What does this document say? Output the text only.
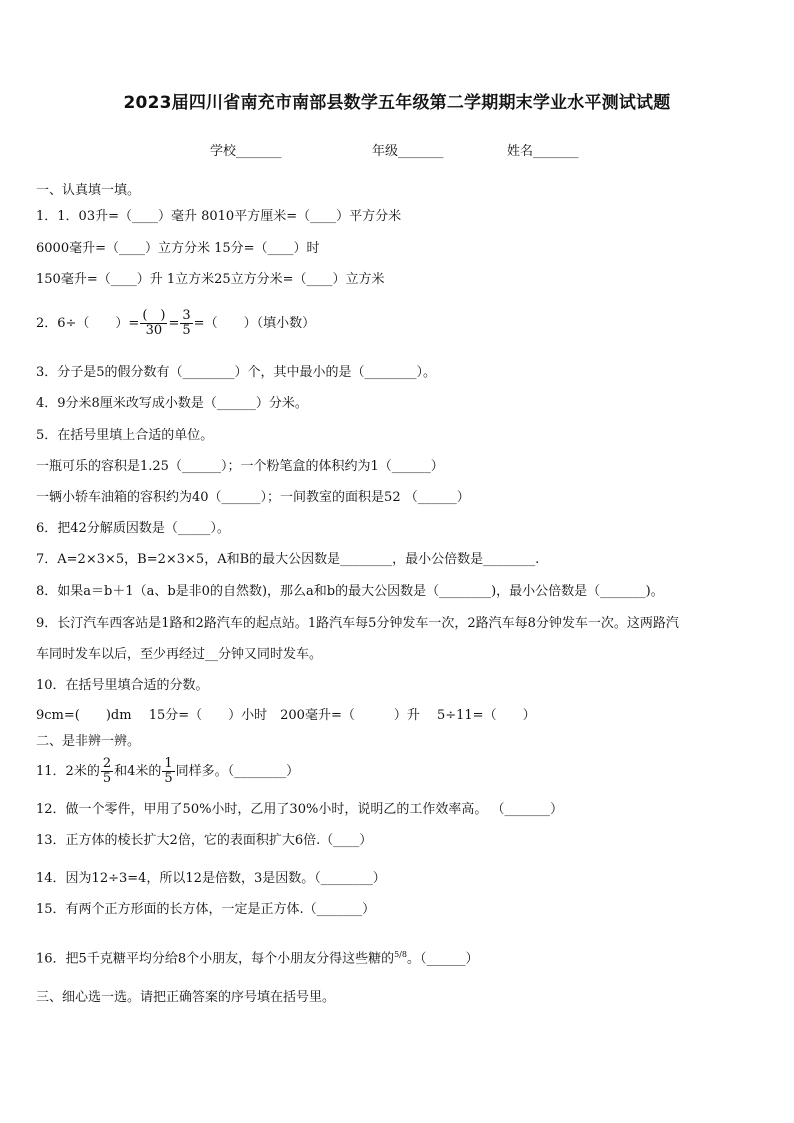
2023届四川省南充市南部县数学五年级第二学期期末学业水平测试试题
学校_______	年级_______	姓名_______
一、认真填一填。
1．1．03升=（____）毫升 8010平方厘米=（____）平方分米
6000毫升=（____）立方分米 15分=（____）时
150毫升=（____）升 1立方米25立方分米=（____）立方米
2．6÷（　　）=
(　)
$30 = \frac{3}{5}$ =（　　）（填小数）
3．分子是5的假分数有（________）个，其中最小的是（________）。
4．9分米8厘米改写成小数是（______）分米。
5．在括号里填上合适的单位。
一瓶可乐的容积是1.25（______）；一个粉笔盒的体积约为1（______）
一辆小轿车油箱的容积约为40（______）；一间教室的面积是52 （______）
6．把42分解质因数是（_____）。
7．A=2×3×5，B=2×3×5，A和B的最大公因数是________，最小公倍数是________.
8．如果a＝b＋1（a、b是非0的自然数)，那么a和b的最大公因数是（________)，最小公倍数是（_______)。
9．长汀汽车西客站是1路和2路汽车的起点站。1路汽车每5分钟发车一次，2路汽车每8分钟发车一次。这两路汽
车同时发车以后，至少再经过__分钟又同时发车。
10．在括号里填合适的分数。
9cm=(　　)dm　 15分=（　　）小时　200毫升=（　　　）升　 5÷11=（　　）
二、是非辨一辨。
11．2米的 $\frac{2}{5}$ 和4米的 $\frac{1}{5}$ 同样多。（________）
12．做一个零件，甲用了50%小时，乙用了30%小时，说明乙的工作效率高。 （_______）
13．正方体的棱长扩大2倍，它的表面积扩大6倍.（____）
14．因为12÷3=4，所以12是倍数，3是因数。（________）
15．有两个正方形面的长方体，一定是正方体.（_______）
16．把5千克糖平均分给8个小朋友，每个小朋友分得这些糖的$^{5/8}$。（______）
三、细心选一选。请把正确答案的序号填在括号里。
